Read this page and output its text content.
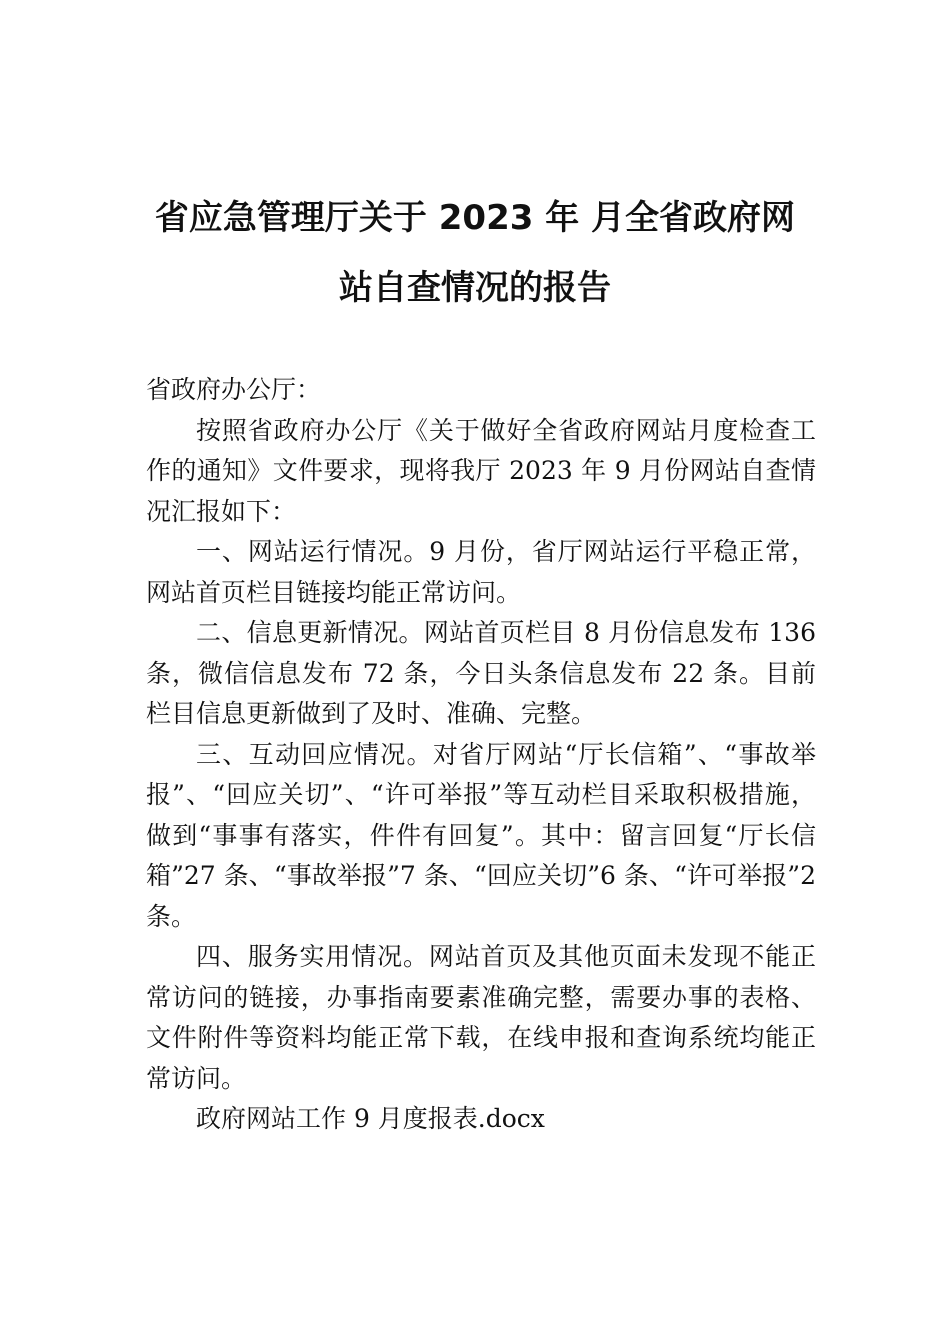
省应急管理厅关于 2023 年 月全省政府网
站自查情况的报告

省政府办公厅：

按照省政府办公厅《关于做好全省政府网站月度检查工作的通知》文件要求，现将我厅 2023 年 9 月份网站自查情况汇报如下：

一、网站运行情况。9 月份，省厅网站运行平稳正常，网站首页栏目链接均能正常访问。

二、信息更新情况。网站首页栏目 8 月份信息发布 136 条，微信信息发布 72 条，今日头条信息发布 22 条。目前栏目信息更新做到了及时、准确、完整。

三、互动回应情况。对省厅网站“厅长信箱”、“事故举报”、“回应关切”、“许可举报”等互动栏目采取积极措施， 做到“事事有落实，件件有回复”。其中：留言回复“厅长信箱”27 条、“事故举报”7 条、“回应关切”6 条、“许可举报”2 条。

四、服务实用情况。网站首页及其他页面未发现不能正常访问的链接，办事指南要素准确完整，需要办事的表格、 文件附件等资料均能正常下载，在线申报和查询系统均能正常访问。

政府网站工作 9 月度报表.docx
